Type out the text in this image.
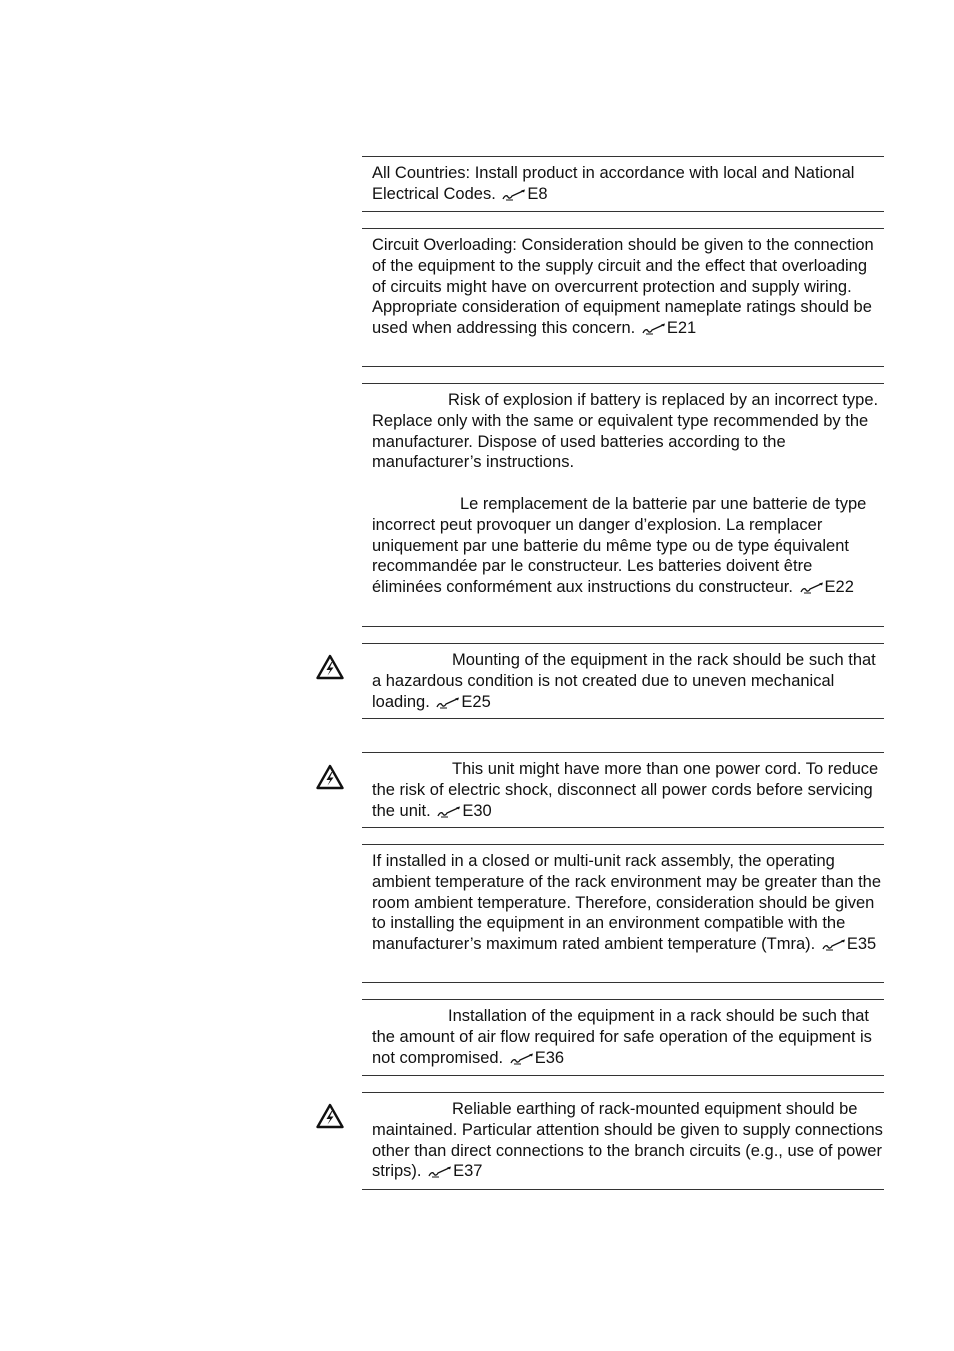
All Countries: Install product in accordance with local and National Electrical Codes. E8

Circuit Overloading: Consideration should be given to the connection of the equipment to the supply circuit and the effect that overloading of circuits might have on overcurrent protection and supply wiring. Appropriate consideration of equipment nameplate ratings should be used when addressing this concern. E21

Risk of explosion if battery is replaced by an incorrect type. Replace only with the same or equivalent type recommended by the manufacturer. Dispose of used batteries according to the manufacturer’s instructions.

Le remplacement de la batterie par une batterie de type incorrect peut provoquer un danger d’explosion. La remplacer uniquement par une batterie du même type ou de type équivalent recommandée par le constructeur. Les batteries doivent être éliminées conformément aux instructions du constructeur. E22

Mounting of the equipment in the rack should be such that a hazardous condition is not created due to uneven mechanical loading. E25

This unit might have more than one power cord. To reduce the risk of electric shock, disconnect all power cords before servicing the unit. E30

If installed in a closed or multi-unit rack assembly, the operating ambient temperature of the rack environment may be greater than the room ambient temperature. Therefore, consideration should be given to installing the equipment in an environment compatible with the manufacturer’s maximum rated ambient temperature (Tmra). E35

Installation of the equipment in a rack should be such that the amount of air flow required for safe operation of the equipment is not compromised. E36

Reliable earthing of rack-mounted equipment should be maintained. Particular attention should be given to supply connections other than direct connections to the branch circuits (e.g., use of power strips). E37
